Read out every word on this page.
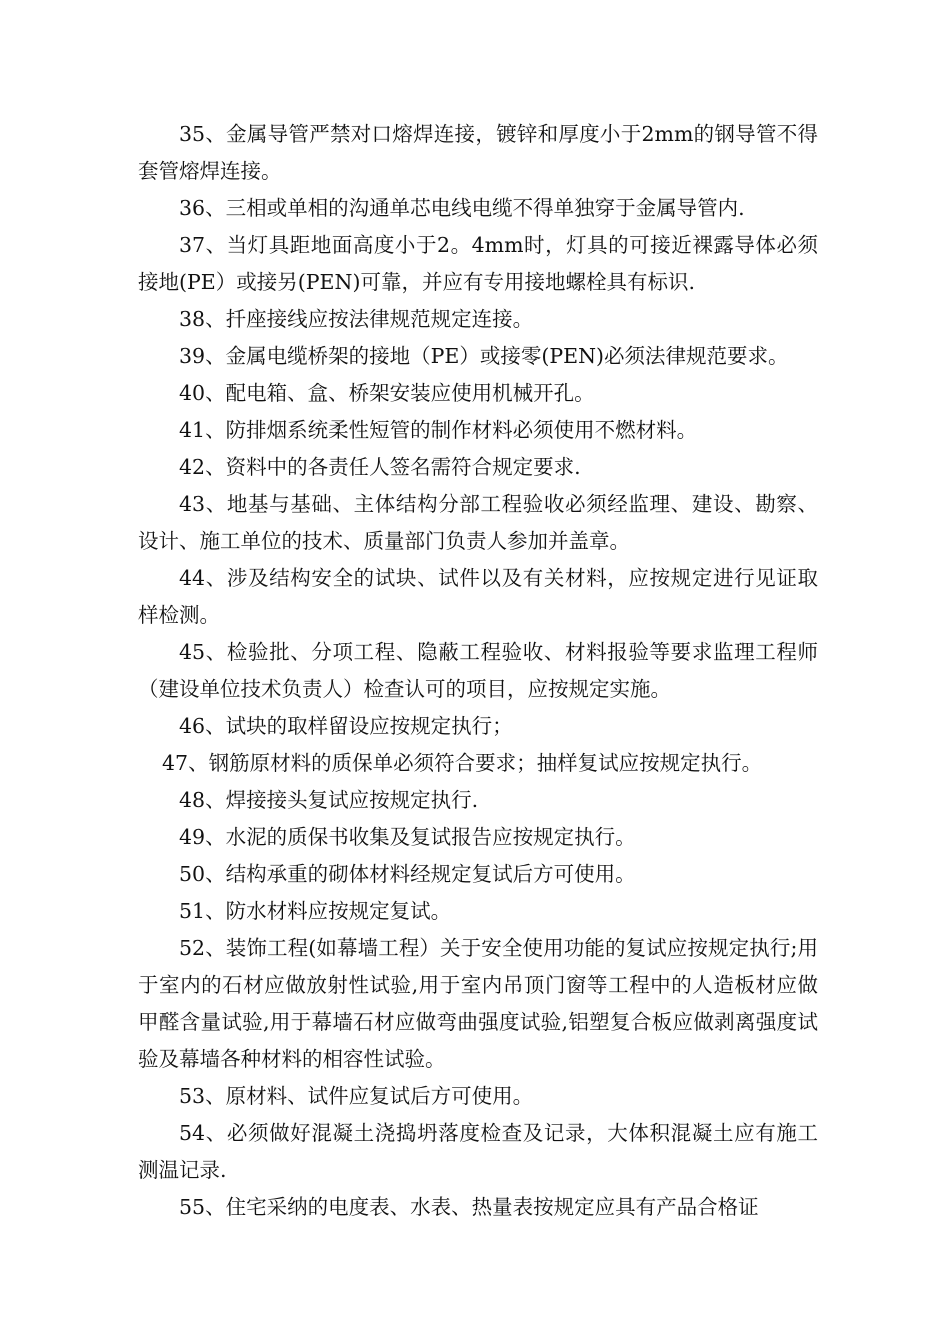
35、金属导管严禁对口熔焊连接，镀锌和厚度小于2mm的钢导管不得套管熔焊连接。

36、三相或单相的沟通单芯电线电缆不得单独穿于金属导管内.

37、当灯具距地面高度小于2。4mm时，灯具的可接近裸露导体必须接地(PE）或接另(PEN)可靠，并应有专用接地螺栓具有标识.

38、扦座接线应按法律规范规定连接。

39、金属电缆桥架的接地（PE）或接零(PEN)必须法律规范要求。

40、配电箱、盒、桥架安装应使用机械开孔。

41、防排烟系统柔性短管的制作材料必须使用不燃材料。

42、资料中的各责任人签名需符合规定要求.

43、地基与基础、主体结构分部工程验收必须经监理、建设、勘察、设计、施工单位的技术、质量部门负责人参加并盖章。

44、涉及结构安全的试块、试件以及有关材料，应按规定进行见证取样检测。

45、检验批、分项工程、隐蔽工程验收、材料报验等要求监理工程师（建设单位技术负责人）检查认可的项目，应按规定实施。

46、试块的取样留设应按规定执行；

47、钢筋原材料的质保单必须符合要求；抽样复试应按规定执行。

48、焊接接头复试应按规定执行.

49、水泥的质保书收集及复试报告应按规定执行。

50、结构承重的砌体材料经规定复试后方可使用。

51、防水材料应按规定复试。

52、装饰工程(如幕墙工程）关于安全使用功能的复试应按规定执行;用于室内的石材应做放射性试验,用于室内吊顶门窗等工程中的人造板材应做甲醛含量试验,用于幕墙石材应做弯曲强度试验,铝塑复合板应做剥离强度试验及幕墙各种材料的相容性试验。

53、原材料、试件应复试后方可使用。

54、必须做好混凝土浇捣坍落度检查及记录，大体积混凝土应有施工测温记录.

55、住宅采纳的电度表、水表、热量表按规定应具有产品合格证
